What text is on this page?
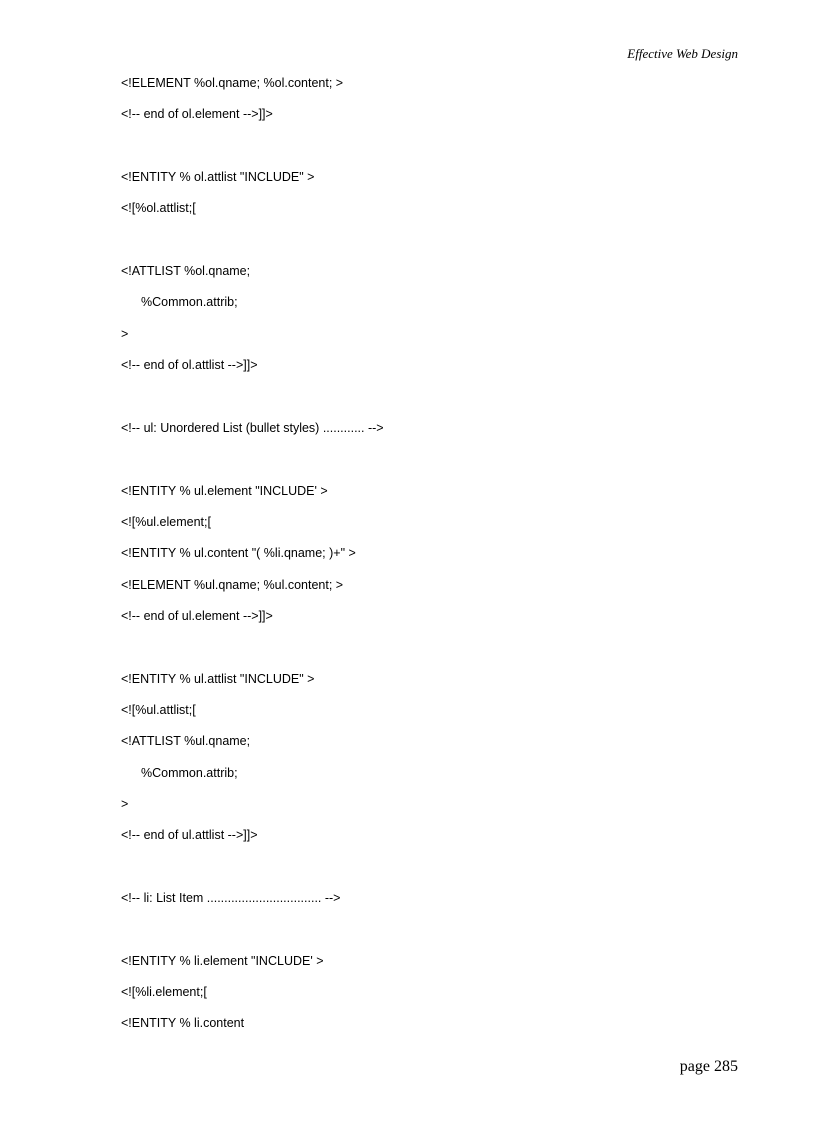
Effective Web Design
<!ELEMENT %ol.qname; %ol.content; >
<!-- end of ol.element -->]]>
<!ENTITY % ol.attlist "INCLUDE" >
<![%ol.attlist;[
<!ATTLIST %ol.qname;
%Common.attrib;
>
<!-- end of ol.attlist -->]]>
<!-- ul: Unordered List (bullet styles) ............ -->
<!ENTITY % ul.element "INCLUDE' >
<![%ul.element;[
<!ENTITY % ul.content "( %li.qname; )+" >
<!ELEMENT %ul.qname; %ul.content; >
<!-- end of ul.element -->]]>
<!ENTITY % ul.attlist "INCLUDE" >
<![%ul.attlist;[
<!ATTLIST %ul.qname;
%Common.attrib;
>
<!-- end of ul.attlist -->]]>
<!-- li: List Item ................................. -->
<!ENTITY % li.element "INCLUDE' >
<![%li.element;[
<!ENTITY % li.content
page 285
